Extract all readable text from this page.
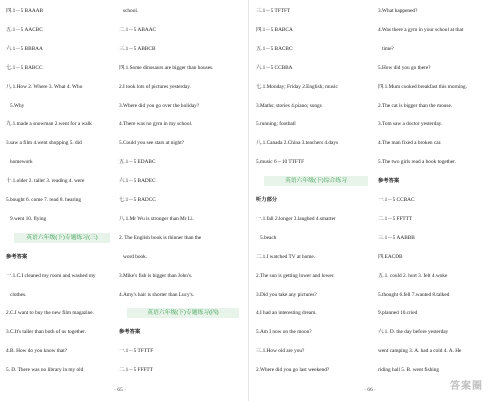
四.1－5 BAAAB
五.1－5 AACBC
六.1－5 BBBAA
七.1－5 BABCC
八.1.How 2. Where 3. What 4. Who
5.Why
九.1.made a snowman 2.went for a walk
3.saw a film 4.went shopping 5. did
homework
十.1.older 2. taller 3. reading 4. were
5.bought 6. come 7. read 8. hearing
9.went 10. flying
英语六年级(下)专题练习(三)
参考答案
一.1.C.I cleaned my room and washed my
clothes.
2.C.I want to buy the new film magazine.
3.C.It's taller than both of us together.
4.B. How do you know that?
5. D. There was no library in my old
school.
二.1－5 ABAAC
三.1－5 ABBCB
四.1.Some dinosaurs are bigger than houses.
2.I took lots of pictures yesterday.
3.Where did you go over the holiday?
4.There was no gym in my school.
5.Could you see stars at night?
五.1－5 EDABC
六.1－5 BADEC
七.1－5 BADCC
八.1.Mr Wu is stronger than Mr Li.
2. The English book is thinner than the
word book.
3.Mike's fish is bigger than John's.
4.Amy's hair is shorter than Lucy's.
英语六年级(下)专题练习(四)
参考答案
一.1－5 TFTTF
二.1－5 FFFTT
· 65 ·
三.1－5 TFTFT
四.1－5 BABCA
五.1－5 BACBC
六.1－5 CCBBA
七.1.Monday; Friday 2.English; music
3.Maths; stories 4.piano; songs
5.running; football
八.1.Canada 2.China 3.teachers 4.days
5.music 6－10 TTFTF
英语六年级(下)综合练习
听力部分
一.1.fall 2.longer 3.laughed 4.smarter
5.beach
二.1.I watched TV at home.
2.The sun is getting lower and lower.
3.Did you take any pictures?
4.I had an interesting dream.
5.Am I now on the moon?
三.1.How old are you?
2.Where did you go last weekend?
3.What happened?
4.Was there a gym in your school at that
time?
5.How did you go there?
四.1.Mum cooked breakfast this morning.
2.The cat is bigger than the mouse.
3.Tom saw a doctor yesterday.
4.The man fixed a broken car.
5.The two girls read a book together.
参考答案
一.1－5 CCBAC
二.1－5 FFTTT
三.1－5 AABBB
四.EACDB
五.1. could 2. hurt 3. felt 4.woke
5.thought 6.fell 7.wanted 8.talked
9.planned 10.cried
六.1. D. the day before yesterday
went camping 3. A. had a cold 4. A. He
riding hall 5. B. went fishing
· 66 ·	答案圈
